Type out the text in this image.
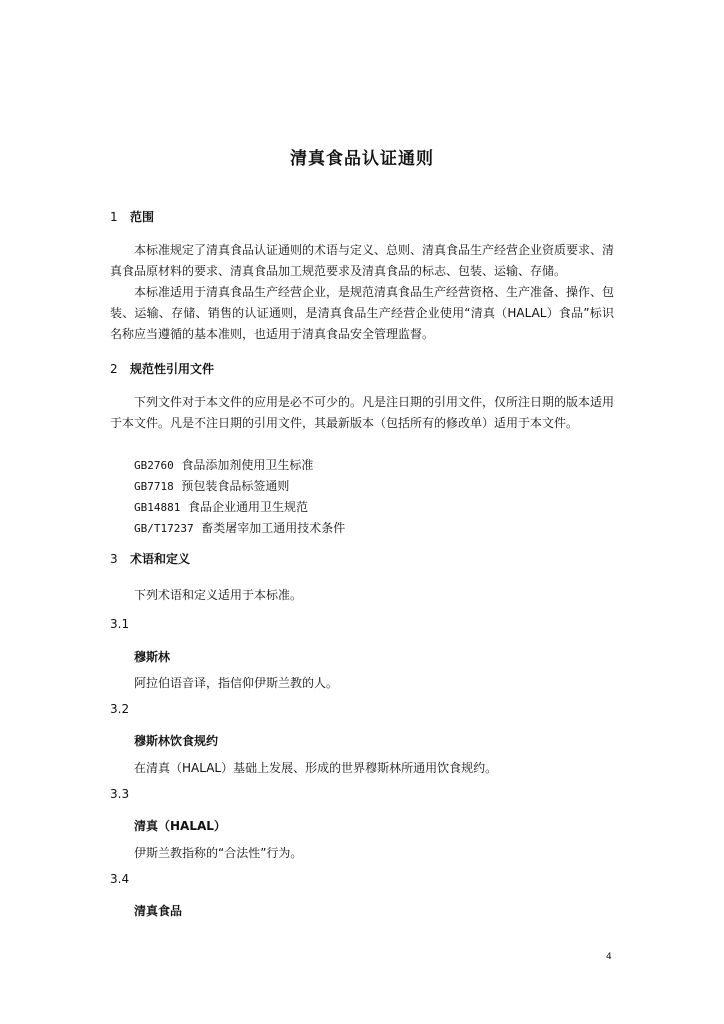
清真食品认证通则
1 范围
本标准规定了清真食品认证通则的术语与定义、总则、清真食品生产经营企业资质要求、清真食品原材料的要求、清真食品加工规范要求及清真食品的标志、包装、运输、存储。
本标准适用于清真食品生产经营企业，是规范清真食品生产经营资格、生产准备、操作、包装、运输、存储、销售的认证通则，是清真食品生产经营企业使用“清真（HALAL）食品”标识名称应当遵循的基本准则，也适用于清真食品安全管理监督。
2 规范性引用文件
下列文件对于本文件的应用是必不可少的。凡是注日期的引用文件，仅所注日期的版本适用于本文件。凡是不注日期的引用文件，其最新版本（包括所有的修改单）适用于本文件。
GB2760 食品添加剂使用卫生标准
GB7718 预包装食品标签通则
GB14881 食品企业通用卫生规范
GB/T17237 畜类屠宰加工通用技术条件
3 术语和定义
下列术语和定义适用于本标准。
3.1
穆斯林
阿拉伯语音译，指信仰伊斯兰教的人。
3.2
穆斯林饮食规约
在清真（HALAL）基础上发展、形成的世界穆斯林所通用饮食规约。
3.3
清真（HALAL）
伊斯兰教指称的“合法性”行为。
3.4
清真食品
4
